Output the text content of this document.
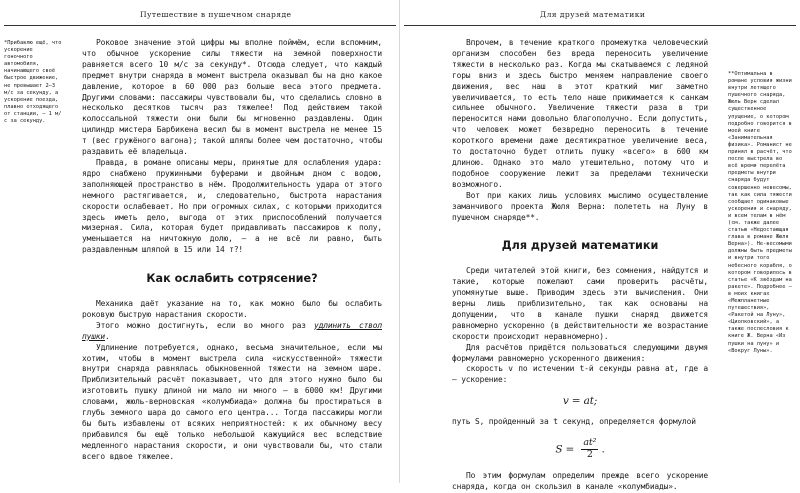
Путешествие в пушечном снаряде
*Прибавлю ещё, что ускорение гоночного автомобиля, начинающего своё быстрое движение, не превышает 2–3 м/с за секунду, а ускорение поезда, плавно отходящего от станции, — 1 м/с за секунду.

Роковое значение этой цифры мы вполне поймём, если вспомним, что обычное ускорение силы тяжести на земной поверхности равняется всего 10 м/с за секунду*. Отсюда следует, что каждый предмет внутри снаряда в момент выстрела оказывал бы на дно какое давление, которое в 60 000 раз больше веса этого предмета. Другими словами: пассажиры чувствовали бы, что сделались словно в несколько десятков тысяч раз тяжелее! Под действием такой колоссальной тяжести они были бы мгновенно раздавлены. Один цилиндр мистера Барбикена весил бы в момент выстрела не менее 15 т (вес гружёного вагона); такой шляпы более чем достаточно, чтобы раздавить её владельца.

Правда, в романе описаны меры, принятые для ослабления удара: ядро снабжено пружинными буферами и двойным дном с водою, заполняющей пространство в нём. Продолжительность удара от этого немного растягивается, и, следовательно, быстрота нарастания скорости ослабевает. Но при огромных силах, с которыми приходится здесь иметь дело, выгода от этих приспособлений получается мизерная. Сила, которая будет придавливать пассажиров к полу, уменьшается на ничтожную долю, — а не всё ли равно, быть раздавленным шляпой в 15 или 14 т?!

Как ослабить сотрясение?

Механика даёт указание на то, как можно было бы ослабить роковую быструю нарастания скорости.

Этого можно достигнуть, если во много раз удлинить ствол пушки.

Удлинение потребуется, однако, весьма значительное, если мы хотим, чтобы в момент выстрела сила «искусственной» тяжести внутри снаряда равнялась обыкновенной тяжести на земном шаре. Приблизительный расчёт показывает, что для этого нужно было бы изготовить пушку длиной ни мало ни много — в 6000 км! Другими словами, жюль-верновская «колумбиада» должна бы простираться в глубь земного шара до самого его центра... Тогда пассажиры могли бы быть избавлены от всяких неприятностей: к их обычному весу прибавился бы ещё только небольшой кажущийся вес вследствие медленного нарастания скорости, и они чувствовали бы, что стали всего вдвое тяжелее.

Для друзей математики
**Оптимальна в романе условия жизни внутри летящего пушечного снаряда, Жюль Верн сделал существенное упущение, о котором подробно говорится в моей книге «Занимательная физика». Романист не принял в расчёт, что после выстрела во всё время перелёта предметы внутри снаряда будут совершенно невесомы, так как сила тяжести сообщает одинаковые ускорения и снаряду, и всем телам в нём (см. также далее статью «Недостающая глава в романе Жюля Верна»). Не-весомыми должны быть предметы и внутри того небесного корабля, о котором говорилось в статье «К звёздам на ракете». Подробнее — в моих книгах «Межпланетные путешествия», «Ракетой на Луну», «Циолковский», а также послесловия к книге Ж. Верна «Из пушки на луну» и «Вокруг Луны».

Впрочем, в течение краткого промежутка человеческий организм способен без вреда переносить увеличение тяжести в несколько раз. Когда мы скатываемся с ледяной горы вниз и здесь быстро меняем направление своего движения, вес наш в этот краткий миг заметно увеличивается, то есть тело наше прижимается к санкам сильнее обычного. Увеличение тяжести раза в три переносится нами довольно благополучно. Если допустить, что человек может безвредно переносить в течение короткого времени даже десятикратное увеличение веса, то достаточно будет отлить пушку «всего» в 600 км длиною. Однако это мало утешительно, потому что и подобное сооружение лежит за пределами технически возможного.

Вот при каких лишь условиях мыслимо осуществление заманчивого проекта Жюля Верна: полететь на Луну в пушечном снаряде**.

Для друзей математики

Среди читателей этой книги, без сомнения, найдутся и такие, которые пожелают сами проверить расчёты, упомянутые выше. Приводим здесь эти вычисления. Они верны лишь приблизительно, так как основаны на допущении, что в канале пушки снаряд движется равномерно ускоренно (в действительности же возрастание скорости происходит неравномерно).

Для расчётов придётся пользоваться следующими двумя формулами равномерно ускоренного движения:

скорость v по истечении t-й секунды равна at, где a — ускорение:

v = at;

путь S, пройденный за t секунд, определяется формулой

$S = \frac{\text{at²}}{2}$ .

По этим формулам определим прежде всего ускорение снаряда, когда он скользил в канале «колумбиады».
